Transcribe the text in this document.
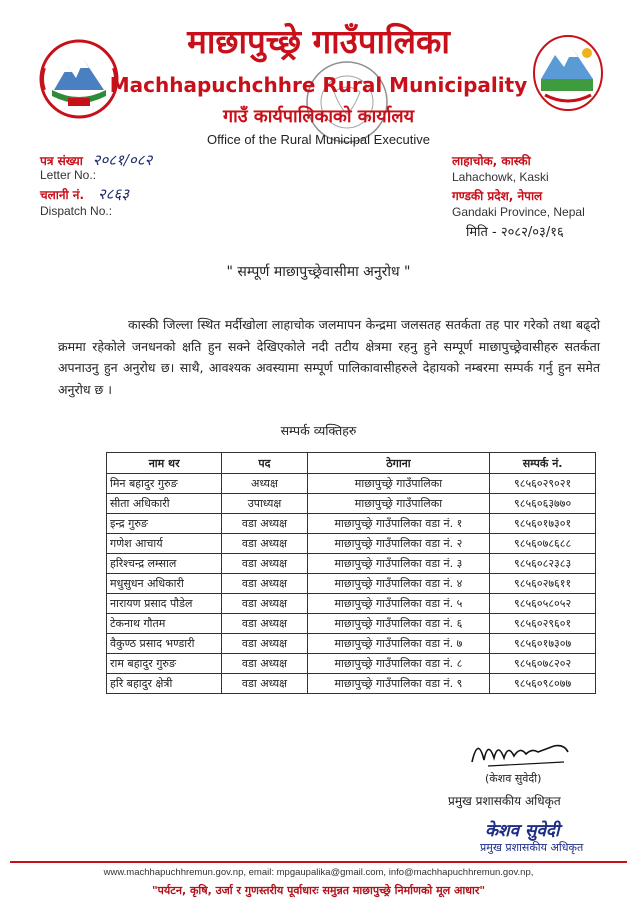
माछापुच्छ्रे गाउँपालिका
Machhapuchchhre Rural Municipality
गाउँ कार्यपालिकाको कार्यालय
Office of the Rural Municipal Executive
पत्र संख्या २०८१/०८२
Letter No.:
चलानी नं. २८६३
Dispatch No.:
लाहाचोक, कास्की
Lahachowk, Kaski
गण्डकी प्रदेश, नेपाल
Gandaki Province, Nepal
मिति - २०८२/०३/१६
" सम्पूर्ण माछापुच्छ्रेवासीमा अनुरोध "
कास्की जिल्ला स्थित मर्दीखोला लाहाचोक जलमापन केन्द्रमा जलसतह सतर्कता तह पार गरेको तथा बढ्दो क्रममा रहेकोले जनधनको क्षति हुन सक्ने देखिएकोले नदी तटीय क्षेत्रमा रहनु हुने सम्पूर्ण माछापुच्छ्रेवासीहरु सतर्कता अपनाउनु हुन अनुरोध छ। साथै, आवश्यक अवस्यामा सम्पूर्ण पालिकावासीहरुले देहायको नम्बरमा सम्पर्क गर्नु हुन समेत अनुरोध छ ।
सम्पर्क व्यक्तिहरु
नाम थर	पद	ठेगाना	सम्पर्क नं.
मिन बहादुर गुरुङ	अध्यक्ष	माछापुच्छ्रे गाउँपालिका	९८५६०२९०२१
सीता अधिकारी	उपाध्यक्ष	माछापुच्छ्रे गाउँपालिका	९८५६०६३७७०
इन्द्र गुरुङ	वडा अध्यक्ष	माछापुच्छ्रे गाउँपालिका वडा नं. १	९८५६०१७३०१
गणेश आचार्य	वडा अध्यक्ष	माछापुच्छ्रे गाउँपालिका वडा नं. २	९८५६०७८६८८
हरिश्चन्द्र लम्साल	वडा अध्यक्ष	माछापुच्छ्रे गाउँपालिका वडा नं. ३	९८५६०८२३८३
मधुसुधन अधिकारी	वडा अध्यक्ष	माछापुच्छ्रे गाउँपालिका वडा नं. ४	९८५६०२७६११
नारायण प्रसाद पौडेल	वडा अध्यक्ष	माछापुच्छ्रे गाउँपालिका वडा नं. ५	९८५६०५८०५२
टेकनाथ गौतम	वडा अध्यक्ष	माछापुच्छ्रे गाउँपालिका वडा नं. ६	९८५६०२९६०१
वैकुण्ठ प्रसाद भण्डारी	वडा अध्यक्ष	माछापुच्छ्रे गाउँपालिका वडा नं. ७	९८५६०१७३०७
राम बहादुर गुरुङ	वडा अध्यक्ष	माछापुच्छ्रे गाउँपालिका वडा नं. ८	९८५६०७८२०२
हरि बहादुर क्षेत्री	वडा अध्यक्ष	माछापुच्छ्रे गाउँपालिका वडा नं. ९	९८५६०९८०७७
(केशव सुवेदी)
प्रमुख प्रशासकीय अधिकृत
केशव सुवेदी
प्रमुख प्रशासकीय अधिकृत
www.machhapuchhremun.gov.np, email: mpgaupalika@gmail.com, info@machhapuchhremun.gov.np,
"पर्यटन, कृषि, उर्जा र गुणस्तरीय पूर्वाधारः समुन्नत माछापुच्छ्रे निर्माणको मूल आधार"
